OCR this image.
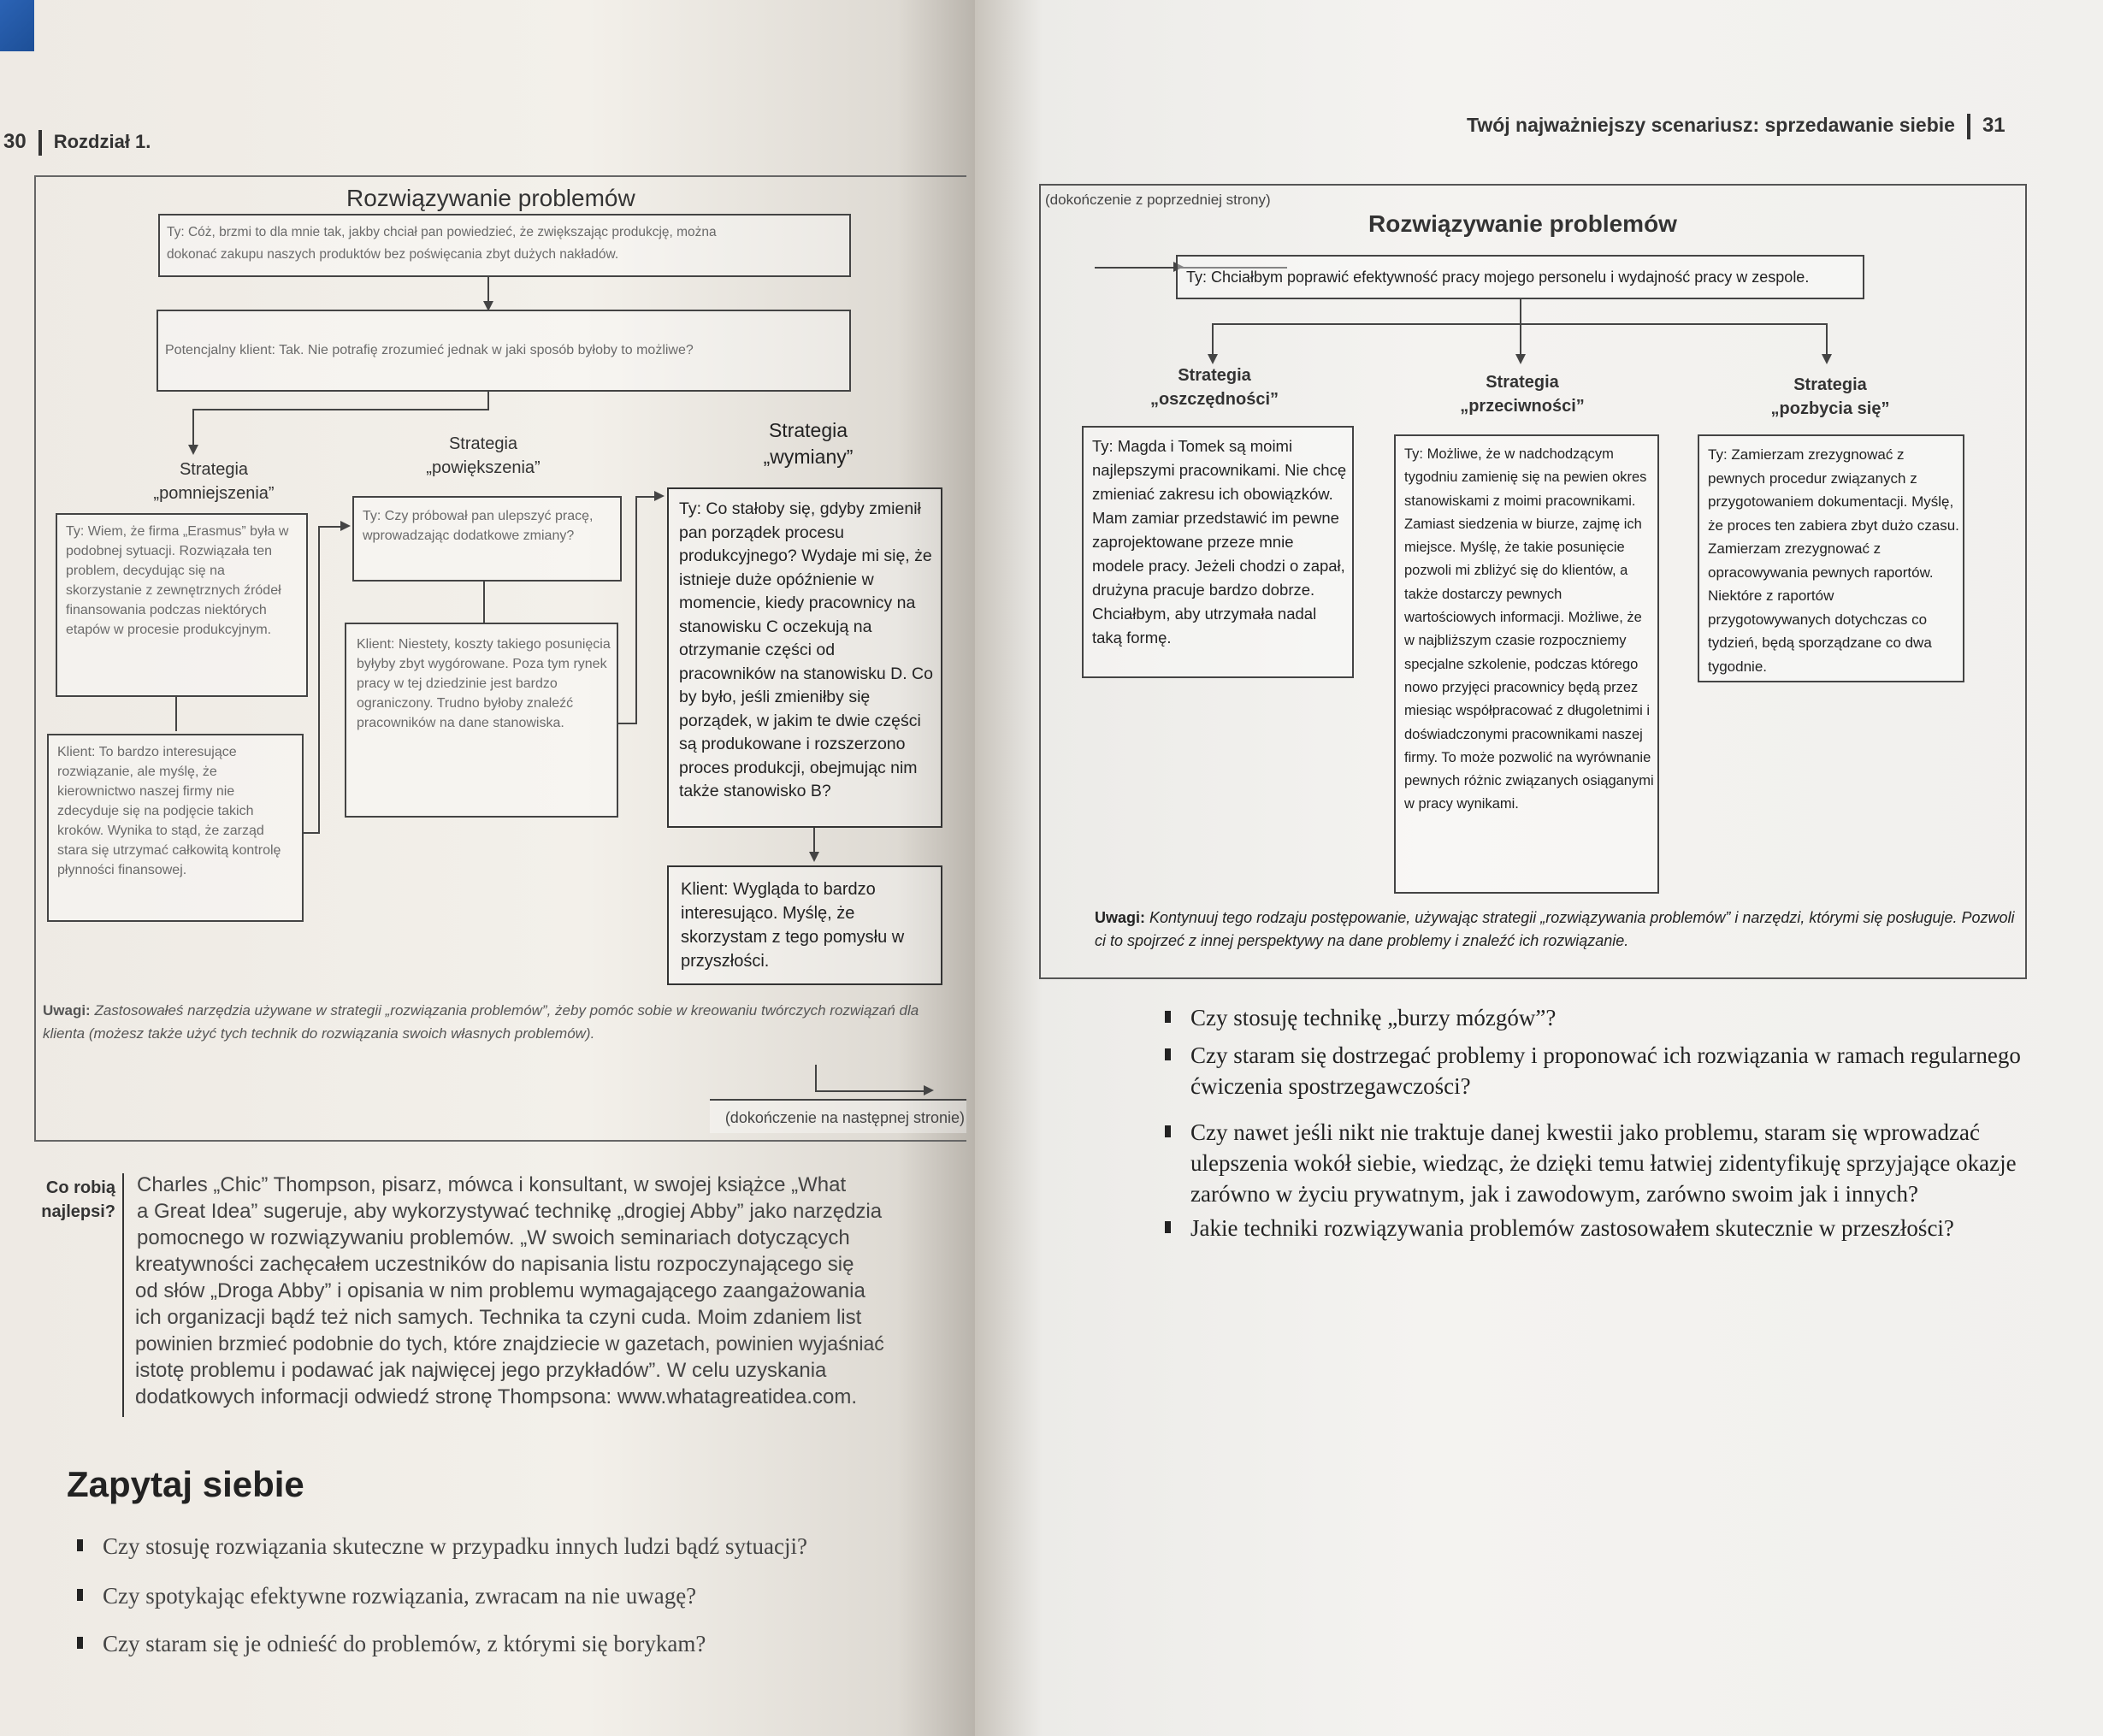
30 Rozdział 1.
Rozwiązywanie problemów
Ty: Cóż, brzmi to dla mnie tak, jakby chciał pan powiedzieć, że zwiększając produkcję, można
dokonać zakupu naszych produktów bez poświęcania zbyt dużych nakładów.
Potencjalny klient: Tak. Nie potrafię zrozumieć jednak w jaki sposób byłoby to możliwe?
Strategia
„pomniejszenia”
Ty: Wiem, że firma „Erasmus” była w podobnej sytuacji. Rozwiązała ten problem, decydując się na skorzystanie z zewnętrznych źródeł finansowania podczas niektórych etapów w procesie produkcyjnym.
Klient: To bardzo interesujące rozwiązanie, ale myślę, że kierownictwo naszej firmy nie zdecyduje się na podjęcie takich kroków. Wynika to stąd, że zarząd stara się utrzymać całkowitą kontrolę płynności finansowej.
Strategia
„powiększenia”
Ty: Czy próbował pan ulepszyć pracę, wprowadzając dodatkowe zmiany?
Klient: Niestety, koszty takiego posunięcia byłyby zbyt wygórowane. Poza tym rynek pracy w tej dziedzinie jest bardzo ograniczony. Trudno byłoby znaleźć pracowników na dane stanowiska.
Strategia
„wymiany”
Ty: Co stałoby się, gdyby zmienił pan porządek procesu produkcyjnego? Wydaje mi się, że istnieje duże opóźnienie w momencie, kiedy pracownicy na stanowisku C oczekują na otrzymanie części od pracowników na stanowisku D. Co by było, jeśli zmieniłby się porządek, w jakim te dwie części są produkowane i rozszerzono proces produkcji, obejmując nim także stanowisko B?
Klient: Wygląda to bardzo interesująco. Myślę, że skorzystam z tego pomysłu w przyszłości.
Uwagi: Zastosowałeś narzędzia używane w strategii „rozwiązania problemów”, żeby pomóc sobie w kreowaniu twórczych rozwiązań dla klienta (możesz także użyć tych technik do rozwiązania swoich własnych problemów).
(dokończenie na następnej stronie)
Co robią
najlepsi?
Charles „Chic” Thompson, pisarz, mówca i konsultant, w swojej książce „What
a Great Idea” sugeruje, aby wykorzystywać technikę „drogiej Abby” jako narzędzia
pomocnego w rozwiązywaniu problemów. „W swoich seminariach dotyczących
kreatywności zachęcałem uczestników do napisania listu rozpoczynającego się
od słów „Droga Abby” i opisania w nim problemu wymagającego zaangażowania
ich organizacji bądź też nich samych. Technika ta czyni cuda. Moim zdaniem list
powinien brzmieć podobnie do tych, które znajdziecie w gazetach, powinien wyjaśniać
istotę problemu i podawać jak najwięcej jego przykładów”. W celu uzyskania
dodatkowych informacji odwiedź stronę Thompsona: www.whatagreatidea.com.
Zapytaj siebie
Czy stosuję rozwiązania skuteczne w przypadku innych ludzi bądź sytuacji?
Czy spotykając efektywne rozwiązania, zwracam na nie uwagę?
Czy staram się je odnieść do problemów, z którymi się borykam?
Twój najważniejszy scenariusz: sprzedawanie siebie 31
(dokończenie z poprzedniej strony)
Rozwiązywanie problemów
Ty: Chciałbym poprawić efektywność pracy mojego personelu i wydajność pracy w zespole.
Strategia
„oszczędności”
Strategia
„przeciwności”
Strategia
„pozbycia się”
Ty: Magda i Tomek są moimi najlepszymi pracownikami. Nie chcę zmieniać zakresu ich obowiązków. Mam zamiar przedstawić im pewne zaprojektowane przeze mnie modele pracy. Jeżeli chodzi o zapał, drużyna pracuje bardzo dobrze. Chciałbym, aby utrzymała nadal taką formę.
Ty: Możliwe, że w nadchodzącym tygodniu zamienię się na pewien okres stanowiskami z moimi pracownikami. Zamiast siedzenia w biurze, zajmę ich miejsce. Myślę, że takie posunięcie pozwoli mi zbliżyć się do klientów, a także dostarczy pewnych wartościowych informacji. Możliwe, że w najbliższym czasie rozpoczniemy specjalne szkolenie, podczas którego nowo przyjęci pracownicy będą przez miesiąc współpracować z długoletnimi i doświadczonymi pracownikami naszej firmy. To może pozwolić na wyrównanie pewnych różnic związanych osiąganymi w pracy wynikami.
Ty: Zamierzam zrezygnować z pewnych procedur związanych z przygotowaniem dokumentacji. Myślę, że proces ten zabiera zbyt dużo czasu. Zamierzam zrezygnować z opracowywania pewnych raportów. Niektóre z raportów przygotowywanych dotychczas co tydzień, będą sporządzane co dwa tygodnie.
Uwagi: Kontynuuj tego rodzaju postępowanie, używając strategii „rozwiązywania problemów” i narzędzi, którymi się posługuje. Pozwoli ci to spojrzeć z innej perspektywy na dane problemy i znaleźć ich rozwiązanie.
Czy stosuję technikę „burzy mózgów”?
Czy staram się dostrzegać problemy i proponować ich rozwiązania w ramach regularnego ćwiczenia spostrzegawczości?
Czy nawet jeśli nikt nie traktuje danej kwestii jako problemu, staram się wprowadzać ulepszenia wokół siebie, wiedząc, że dzięki temu łatwiej zidentyfikuję sprzyjające okazje zarówno w życiu prywatnym, jak i zawodowym, zarówno swoim jak i innych?
Jakie techniki rozwiązywania problemów zastosowałem skutecznie w przeszłości?
